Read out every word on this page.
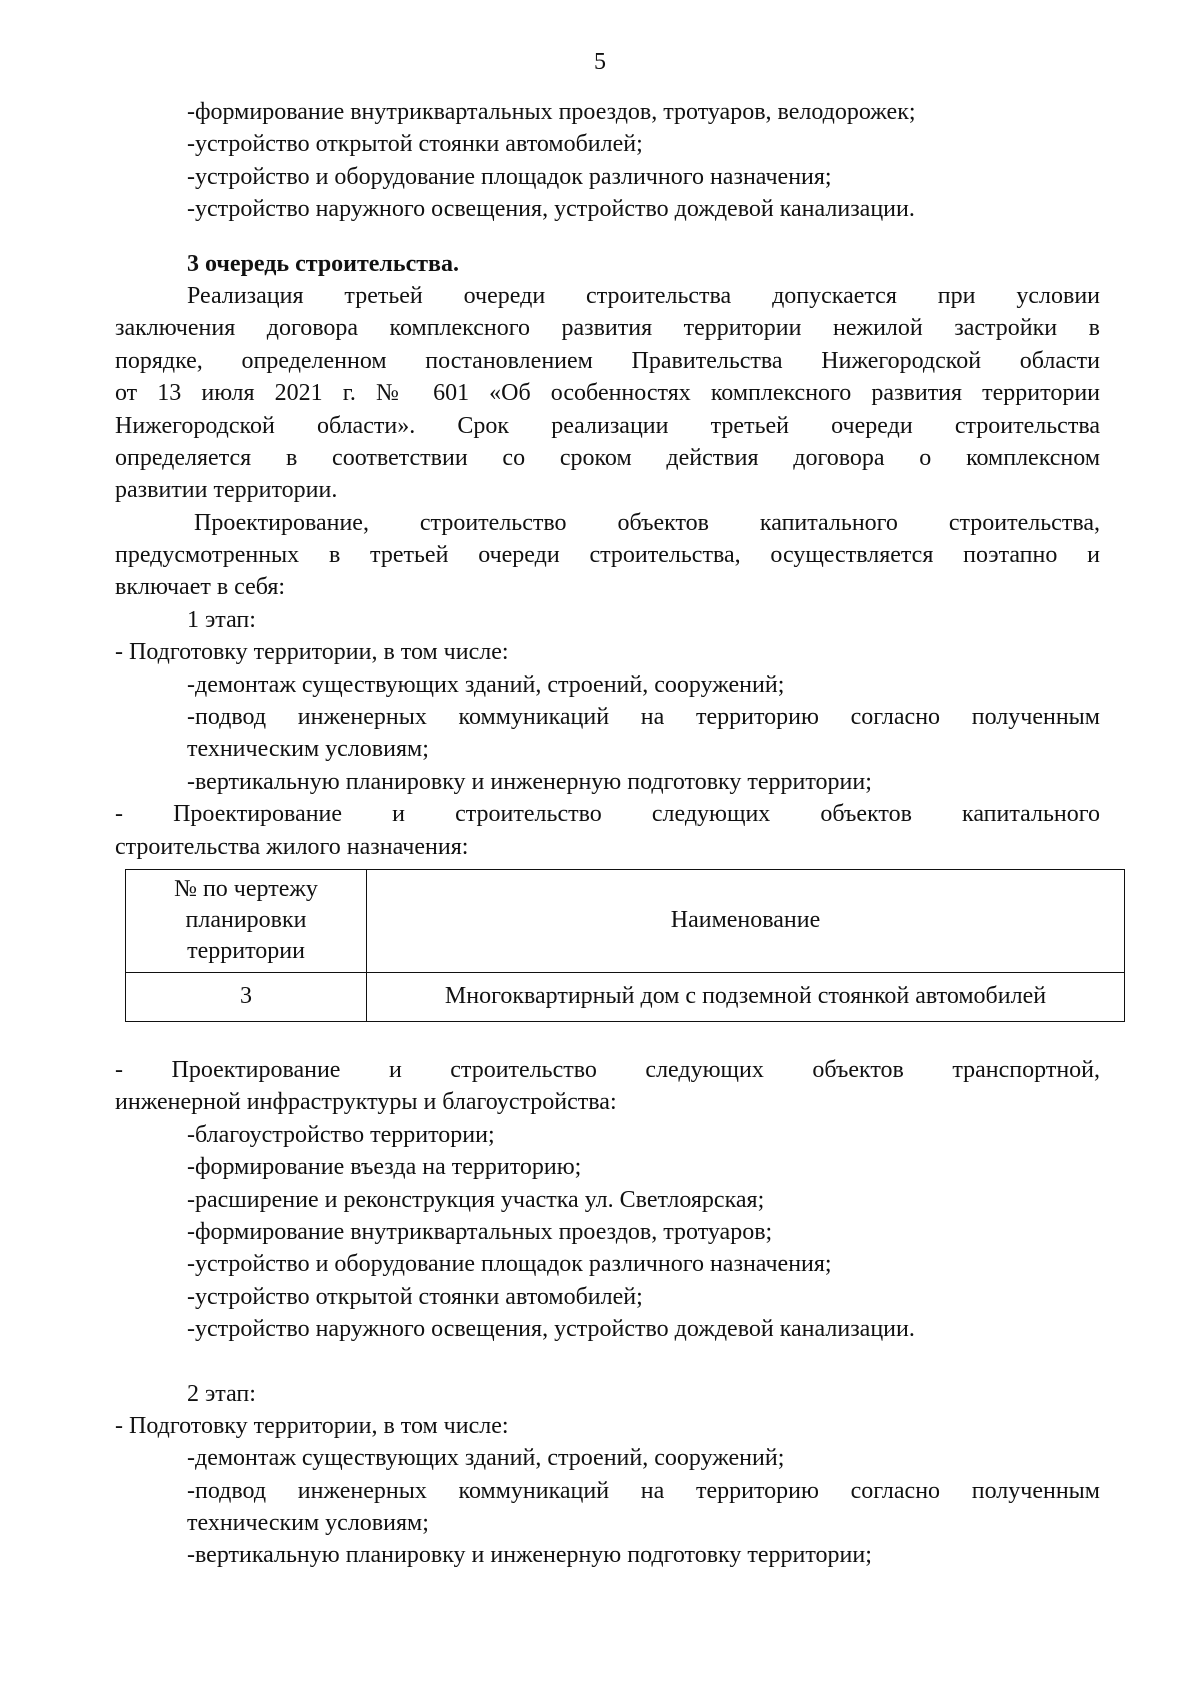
5
-формирование внутриквартальных проездов, тротуаров, велодорожек;
-устройство открытой стоянки автомобилей;
-устройство и оборудование площадок различного назначения;
-устройство наружного освещения, устройство дождевой канализации.
3 очередь строительства.
Реализация третьей очереди строительства допускается при условии
заключения договора комплексного развития территории нежилой застройки в
порядке, определенном постановлением Правительства Нижегородской области
от 13 июля 2021 г. № 601 «Об особенностях комплексного развития территории
Нижегородской области». Срок реализации третьей очереди строительства
определяется в соответствии со сроком действия договора о комплексном
развитии территории.
Проектирование, строительство объектов капитального строительства,
предусмотренных в третьей очереди строительства, осуществляется поэтапно и
включает в себя:
1 этап:
- Подготовку территории, в том числе:
-демонтаж существующих зданий, строений, сооружений;
-подвод инженерных коммуникаций на территорию согласно полученным
техническим условиям;
-вертикальную планировку и инженерную подготовку территории;
- Проектирование и строительство следующих объектов капитального
строительства жилого назначения:
№ по чертежу планировки территории	Наименование
3	Многоквартирный дом с подземной стоянкой автомобилей
- Проектирование и строительство следующих объектов транспортной,
инженерной инфраструктуры и благоустройства:
-благоустройство территории;
-формирование въезда на территорию;
-расширение и реконструкция участка ул. Светлоярская;
-формирование внутриквартальных проездов, тротуаров;
-устройство и оборудование площадок различного назначения;
-устройство открытой стоянки автомобилей;
-устройство наружного освещения, устройство дождевой канализации.
2 этап:
- Подготовку территории, в том числе:
-демонтаж существующих зданий, строений, сооружений;
-подвод инженерных коммуникаций на территорию согласно полученным
техническим условиям;
-вертикальную планировку и инженерную подготовку территории;
